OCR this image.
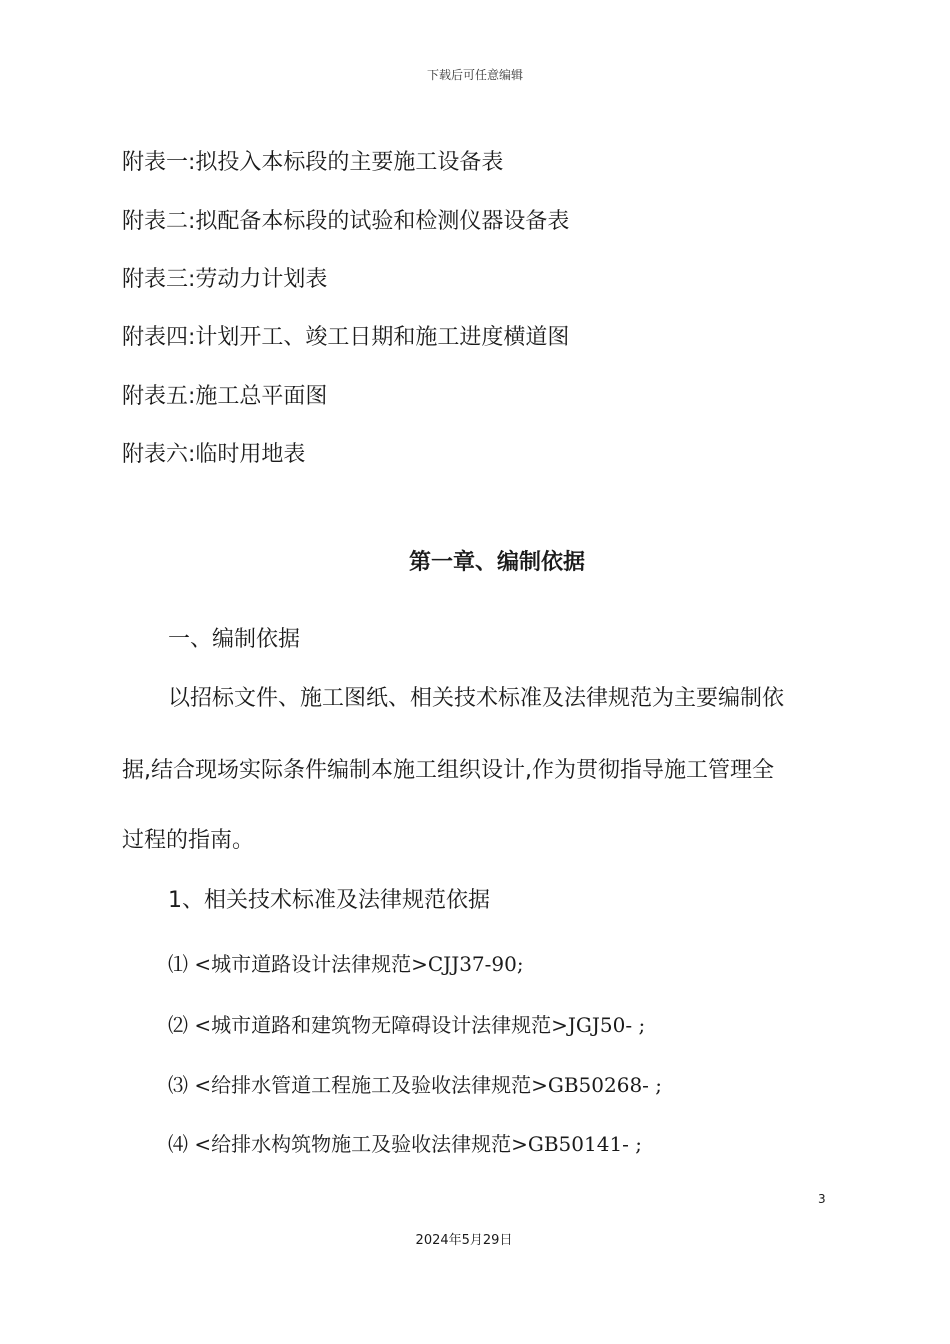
下载后可任意编辑
附表一:拟投入本标段的主要施工设备表
附表二:拟配备本标段的试验和检测仪器设备表
附表三:劳动力计划表
附表四:计划开工、竣工日期和施工进度横道图
附表五:施工总平面图
附表六:临时用地表
第一章、编制依据
一、编制依据
以招标文件、施工图纸、相关技术标准及法律规范为主要编制依
据,结合现场实际条件编制本施工组织设计,作为贯彻指导施工管理全
过程的指南。
1、相关技术标准及法律规范依据
⑴ <城市道路设计法律规范>CJJ37-90;
⑵ <城市道路和建筑物无障碍设计法律规范>JGJ50- ;
⑶ <给排水管道工程施工及验收法律规范>GB50268- ;
⑷ <给排水构筑物施工及验收法律规范>GB50141- ;
3
2024年5月29日
